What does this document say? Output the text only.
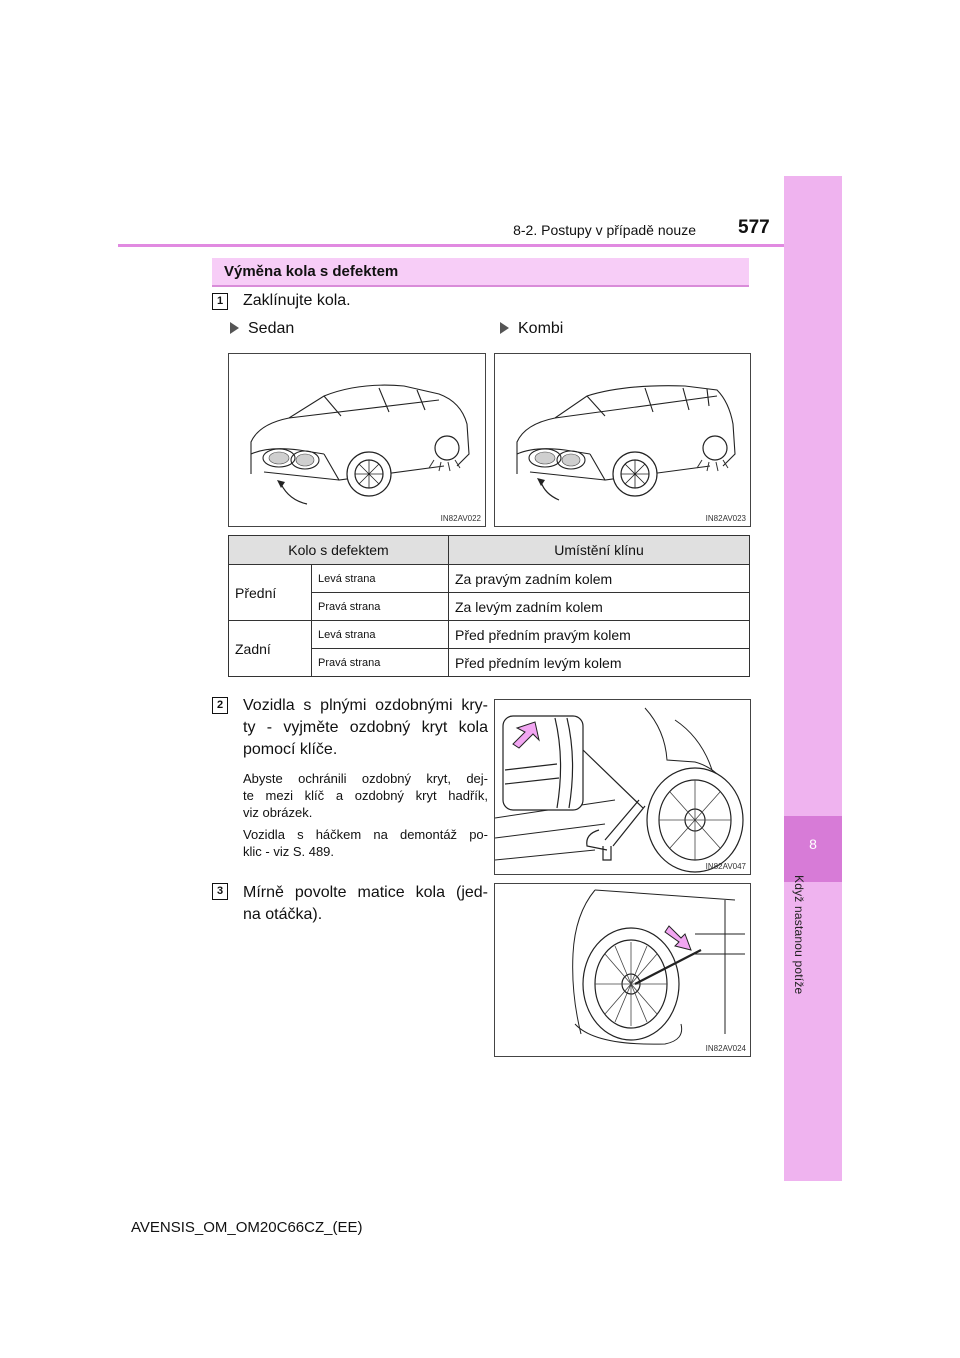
8
Když nastanou potíže
8-2. Postupy v případě nouze 577
Výměna kola s defektem
1	Zaklínujte kola.
Sedan	Kombi
IN82AV022	IN82AV023
Kolo s defektem		Umístění klínu
Přední	Levá strana	Za pravým zadním kolem
	Pravá strana	Za levým zadním kolem
Zadní	Levá strana	Před předním pravým kolem
	Pravá strana	Před předním levým kolem
2	Vozidla s plnými ozdobnými kry-
ty - vyjměte ozdobný kryt kola
pomocí klíče.
Abyste ochránili ozdobný kryt, dej-
te mezi klíč a ozdobný kryt hadřík,
viz obrázek.
Vozidla s háčkem na demontáž po-
klic - viz S. 489.
IN82AV047
3	Mírně povolte matice kola (jed-
na otáčka).
IN82AV024
AVENSIS_OM_OM20C66CZ_(EE)
